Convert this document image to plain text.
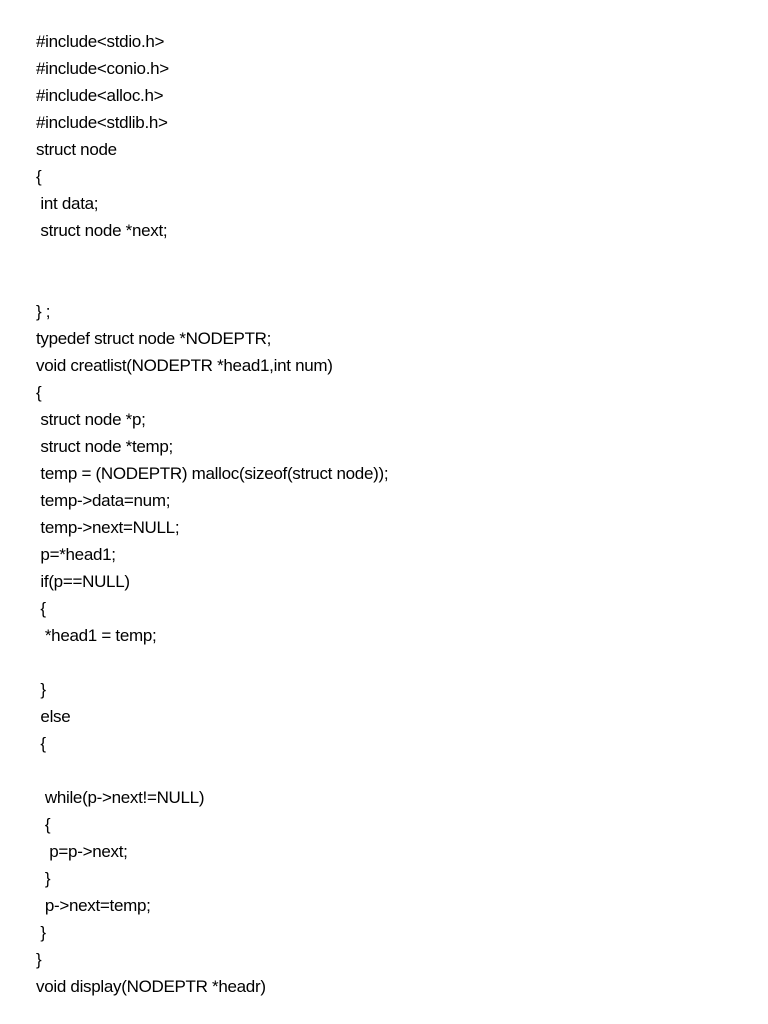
#include<stdio.h>
#include<conio.h>
#include<alloc.h>
#include<stdlib.h>
struct node
{
int data;
struct node *next;
} ;
typedef struct node *NODEPTR;
void creatlist(NODEPTR *head1,int num)
{
struct node *p;
struct node *temp;
temp = (NODEPTR) malloc(sizeof(struct node));
temp->data=num;
temp->next=NULL;
p=*head1;
if(p==NULL)
{
*head1 = temp;
}
else
{
while(p->next!=NULL)
{
p=p->next;
}
p->next=temp;
}
}
void display(NODEPTR *headr)
